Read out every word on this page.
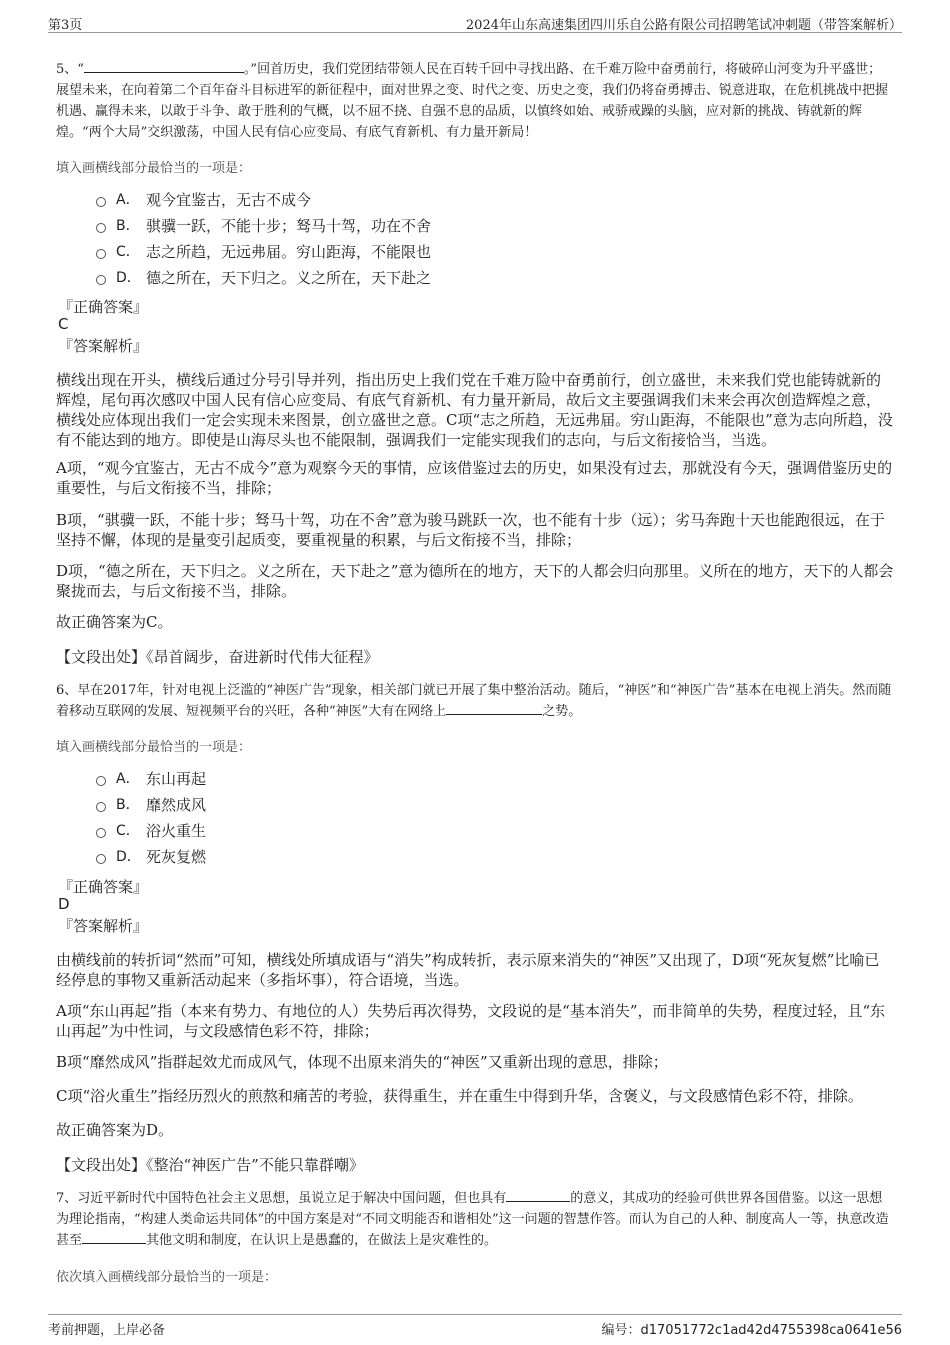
第3页	2024年山东高速集团四川乐自公路有限公司招聘笔试冲刺题（带答案解析）
5、“	。”回首历史，我们党团结带领人民在百转千回中寻找出路、在千难万险中奋勇前行，将破碎山河变为升平盛世；展望未来，在向着第二个百年奋斗目标进军的新征程中，面对世界之变、时代之变、历史之变，我们仍将奋勇搏击、锐意进取，在危机挑战中把握机遇、赢得未来，以敢于斗争、敢于胜利的气概，以不屈不挠、自强不息的品质，以慎终如始、戒骄戒躁的头脑，应对新的挑战、铸就新的辉煌。“两个大局”交织激荡，中国人民有信心应变局、有底气育新机、有力量开新局！
填入画横线部分最恰当的一项是：
A． 观今宜鉴古，无古不成今
B． 骐骥一跃，不能十步；驽马十驾，功在不舍
C． 志之所趋，无远弗届。穷山距海，不能限也
D． 德之所在，天下归之。义之所在，天下赴之
『正确答案』
C
『答案解析』
横线出现在开头，横线后通过分号引导并列，指出历史上我们党在千难万险中奋勇前行，创立盛世，未来我们党也能铸就新的辉煌，尾句再次感叹中国人民有信心应变局、有底气育新机、有力量开新局，故后文主要强调我们未来会再次创造辉煌之意，横线处应体现出我们一定会实现未来图景，创立盛世之意。C项“志之所趋，无远弗届。穷山距海，不能限也”意为志向所趋，没有不能达到的地方。即使是山海尽头也不能限制，强调我们一定能实现我们的志向，与后文衔接恰当，当选。
A项，“观今宜鉴古，无古不成今”意为观察今天的事情，应该借鉴过去的历史，如果没有过去，那就没有今天，强调借鉴历史的重要性，与后文衔接不当，排除；
B项，“骐骥一跃，不能十步；驽马十驾，功在不舍”意为骏马跳跃一次，也不能有十步（远）；劣马奔跑十天也能跑很远，在于坚持不懈，体现的是量变引起质变，要重视量的积累，与后文衔接不当，排除；
D项，“德之所在，天下归之。义之所在，天下赴之”意为德所在的地方，天下的人都会归向那里。义所在的地方，天下的人都会聚拢而去，与后文衔接不当，排除。
故正确答案为C。
【文段出处】《昂首阔步，奋进新时代伟大征程》
6、早在2017年，针对电视上泛滥的“神医广告”现象，相关部门就已开展了集中整治活动。随后，“神医”和“神医广告”基本在电视上消失。然而随着移动互联网的发展、短视频平台的兴旺，各种“神医”大有在网络上	之势。
填入画横线部分最恰当的一项是：
A． 东山再起
B． 靡然成风
C． 浴火重生
D． 死灰复燃
『正确答案』
D
『答案解析』
由横线前的转折词“然而”可知，横线处所填成语与“消失”构成转折，表示原来消失的“神医”又出现了，D项“死灰复燃”比喻已经停息的事物又重新活动起来（多指坏事），符合语境，当选。
A项“东山再起”指（本来有势力、有地位的人）失势后再次得势，文段说的是“基本消失”，而非简单的失势，程度过轻，且“东山再起”为中性词，与文段感情色彩不符，排除；
B项“靡然成风”指群起效尤而成风气，体现不出原来消失的“神医”又重新出现的意思，排除；
C项“浴火重生”指经历烈火的煎熬和痛苦的考验，获得重生，并在重生中得到升华，含褒义，与文段感情色彩不符，排除。
故正确答案为D。
【文段出处】《整治“神医广告”不能只靠群嘲》
7、习近平新时代中国特色社会主义思想，虽说立足于解决中国问题，但也具有	的意义，其成功的经验可供世界各国借鉴。以这一思想为理论指南，“构建人类命运共同体”的中国方案是对“不同文明能否和谐相处”这一问题的智慧作答。而认为自己的人种、制度高人一等，执意改造甚至	其他文明和制度，在认识上是愚蠢的，在做法上是灾难性的。
依次填入画横线部分最恰当的一项是：
考前押题，上岸必备	编号：d17051772c1ad42d4755398ca0641e56
